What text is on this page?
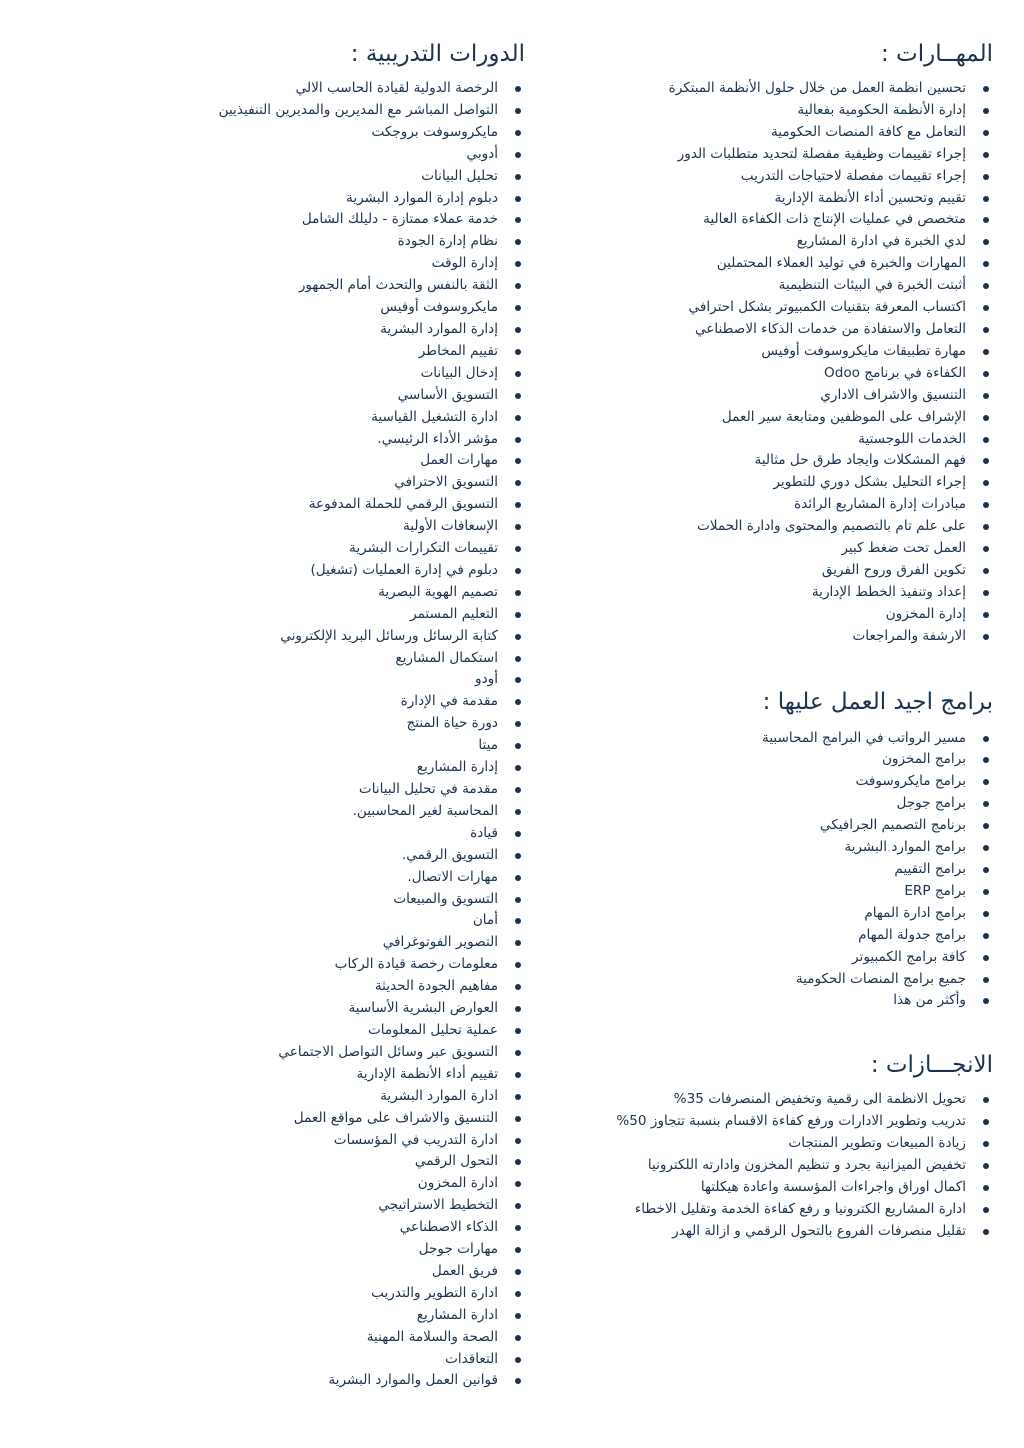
المهــارات :
تحسين انظمة العمل من خلال حلول الأنظمة المبتكرة
إدارة الأنظمة الحكومية بفعالية
التعامل مع كافة المنصات الحكومية
إجراء تقييمات وظيفية مفصلة لتحديد متطلبات الدور
إجراء تقييمات مفصلة لاحتياجات التدريب
تقييم وتحسين أداء الأنظمة الإدارية
متخصص في عمليات الإنتاج ذات الكفاءة العالية
لدي الخبرة في ادارة المشاريع
المهارات والخبرة في توليد العملاء المحتملين
أثبتت الخبرة في البيئات التنظيمية
اكتساب المعرفة بتقنيات الكمبيوتر بشكل احترافي
التعامل والاستفادة من خدمات الذكاء الاصطناعي
مهارة تطبيقات مايكروسوفت أوفيس
الكفاءة في برنامج Odoo
التنسيق والاشراف الاداري
الإشراف على الموظفين ومتابعة سير العمل
الخدمات اللوجستية
فهم المشكلات وايجاد طرق حل مثالية
إجراء التحليل بشكل دوري للتطوير
مبادرات إدارة المشاريع الرائدة
على علم تام بالتصميم والمحتوى وادارة الحملات
العمل تحت ضغط كبير
تكوين الفرق وروح الفريق
إعداد وتنفيذ الخطط الإدارية
إدارة المخزون
الارشفة والمراجعات
برامج اجيد العمل عليها :
مسير الرواتب في البرامج المحاسبية
برامج المخزون
برامج مايكروسوفت
برامج جوجل
برنامج التصميم الجرافيكي
برامج الموارد البشرية
برامج التقييم
برامج ERP
برامج ادارة المهام
برامج جدولة المهام
كافة برامج الكمبيوتر
جميع برامج المنصات الحكومية
وأكثر من هذا
الانجـــازات :
تحويل الانظمة الى رقمية وتخفيض المنصرفات 35%
تدريب وتطوير الادارات ورفع كفاءة الاقسام بنسبة تتجاوز 50%
زيادة المبيعات وتطوير المنتجات
تخفيض الميزانية بجرد و تنظيم المخزون وادارته اللكترونيا
اكمال اوراق واجراءات المؤسسة واعادة هيكلتها
ادارة المشاريع الكترونيا و رفع كفاءة الخدمة وتقليل الاخطاء
تقليل منصرفات الفروع بالتحول الرقمي و ازالة الهدر
الدورات التدريبية :
الرخصة الدولية لقيادة الحاسب الالي
التواصل المباشر مع المديرين والمديرين التنفيذيين
مايكروسوفت بروجكت
أدوبي
تحليل البيانات
دبلوم إدارة الموارد البشرية
خدمة عملاء ممتازة - دليلك الشامل
نظام إدارة الجودة
إدارة الوقت
الثقة بالنفس والتحدث أمام الجمهور
مايكروسوفت أوفيس
إدارة الموارد البشرية
تقييم المخاطر
إدخال البيانات
التسويق الأساسي
ادارة التشغيل القياسية
مؤشر الأداء الرئيسي.
مهارات العمل
التسويق الاحترافي
التسويق الرقمي للحملة المدفوعة
الإسعافات الأولية
تقييمات التكرارات البشرية
دبلوم في إدارة العمليات (تشغيل)
تصميم الهوية البصرية
التعليم المستمر
كتابة الرسائل ورسائل البريد الإلكتروني
استكمال المشاريع
أودو
مقدمة في الإدارة
دورة حياة المنتج
ميتا
إدارة المشاريع
مقدمة في تحليل البيانات
المحاسبة لغير المحاسبين.
قيادة
التسويق الرقمي.
مهارات الاتصال.
التسويق والمبيعات
أمان
التصوير الفوتوغرافي
معلومات رخصة قيادة الركاب
مفاهيم الجودة الحديثة
العوارض البشرية الأساسية
عملية تحليل المعلومات
التسويق عبر وسائل التواصل الاجتماعي
تقييم أداء الأنظمة الإدارية
ادارة الموارد البشرية
التنسيق والاشراف على مواقع العمل
ادارة التدريب في المؤسسات
التحول الرقمي
ادارة المخزون
التخطيط الاستراتيجي
الذكاء الاصطناعي
مهارات جوجل
فريق العمل
ادارة التطوير والتدريب
ادارة المشاريع
الصحة والسلامة المهنية
التعاقدات
قوانين العمل والموارد البشرية
